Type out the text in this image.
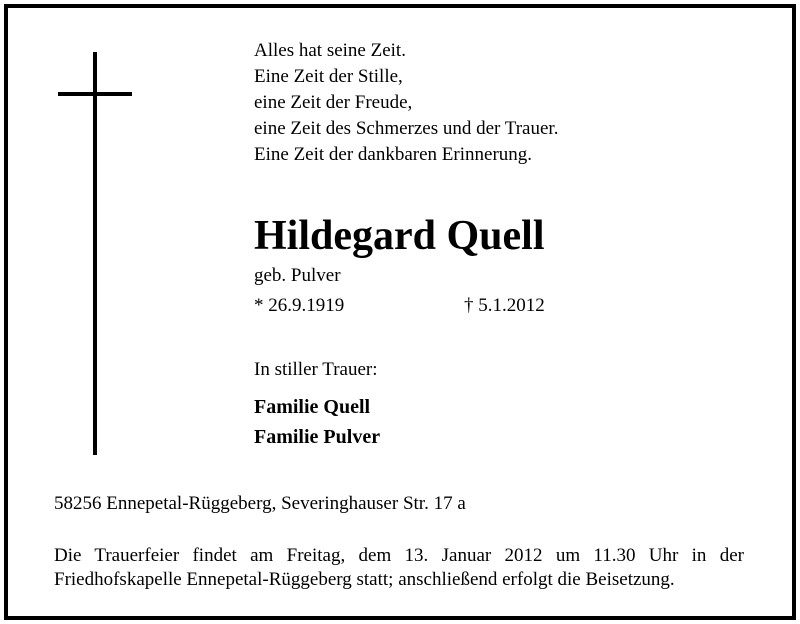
Alles hat seine Zeit.
Eine Zeit der Stille,
eine Zeit der Freude,
eine Zeit des Schmerzes und der Trauer.
Eine Zeit der dankbaren Erinnerung.
Hildegard Quell
geb. Pulver
* 26.9.1919	† 5.1.2012
In stiller Trauer:
Familie Quell
Familie Pulver
58256 Ennepetal-Rüggeberg, Severinghauser Str. 17 a
Die Trauerfeier findet am Freitag, dem 13. Januar 2012 um 11.30 Uhr in der
Friedhofskapelle Ennepetal-Rüggeberg statt; anschließend erfolgt die Beisetzung.
